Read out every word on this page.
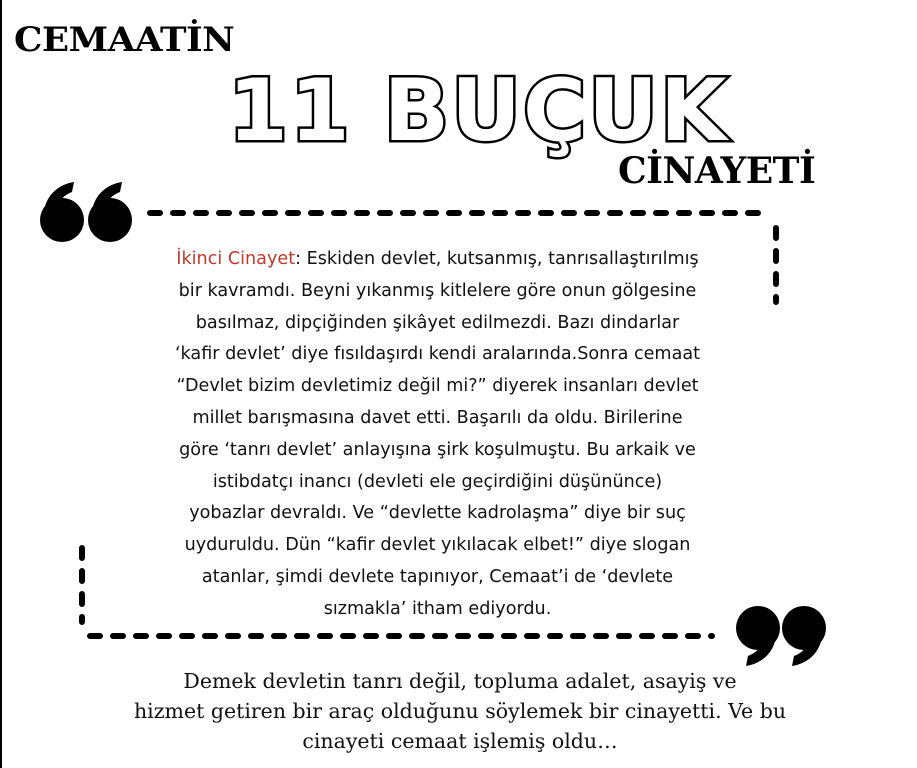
CEMAATİN
11 BUÇUK
CİNAYETİ
İkinci Cinayet: Eskiden devlet, kutsanmış, tanrısallaştırılmış
bir kavramdı. Beyni yıkanmış kitlelere göre onun gölgesine
basılmaz, dipçiğinden şikâyet edilmezdi. Bazı dindarlar
‘kafir devlet’ diye fısıldaşırdı kendi aralarında.Sonra cemaat
“Devlet bizim devletimiz değil mi?” diyerek insanları devlet
millet barışmasına davet etti. Başarılı da oldu. Birilerine
göre ‘tanrı devlet’ anlayışına şirk koşulmuştu. Bu arkaik ve
istibdatçı inancı (devleti ele geçirdiğini düşününce)
yobazlar devraldı. Ve “devlette kadrolaşma” diye bir suç
uyduruldu. Dün “kafir devlet yıkılacak elbet!” diye slogan
atanlar, şimdi devlete tapınıyor, Cemaat’i de ‘devlete
sızmakla’ itham ediyordu.
Demek devletin tanrı değil, topluma adalet, asayiş ve
hizmet getiren bir araç olduğunu söylemek bir cinayetti. Ve bu
cinayeti cemaat işlemiş oldu…
